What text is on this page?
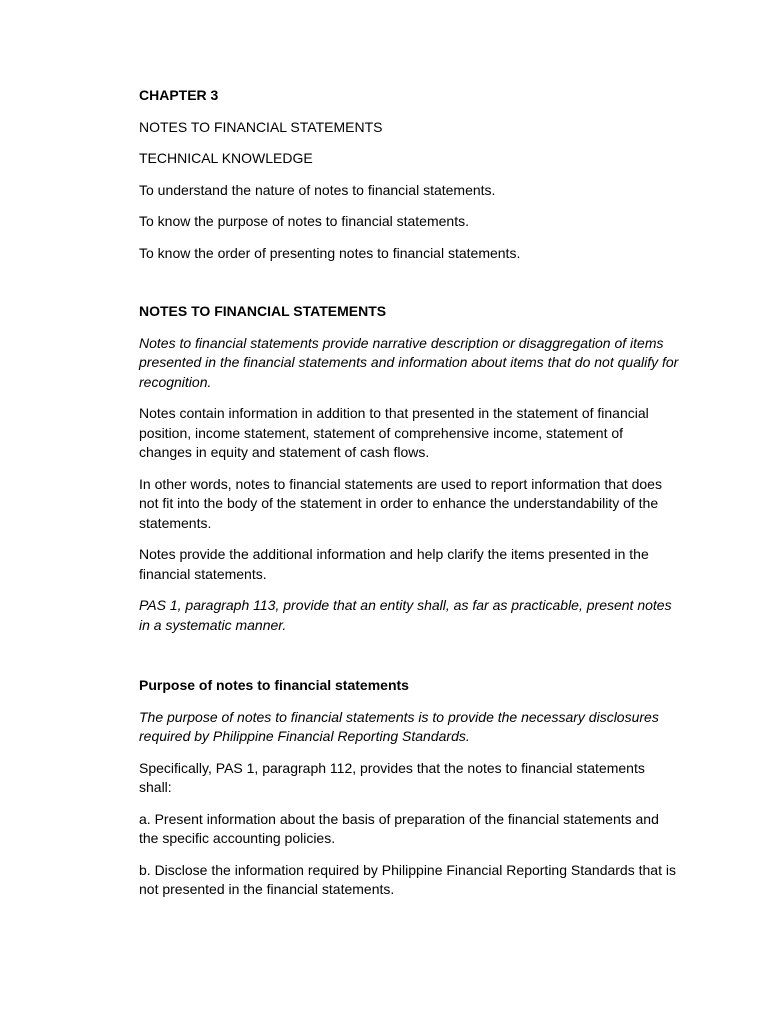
CHAPTER 3

NOTES TO FINANCIAL STATEMENTS

TECHNICAL KNOWLEDGE

To understand the nature of notes to financial statements.

To know the purpose of notes to financial statements.

To know the order of presenting notes to financial statements.

NOTES TO FINANCIAL STATEMENTS

Notes to financial statements provide narrative description or disaggregation of items presented in the financial statements and information about items that do not qualify for recognition.

Notes contain information in addition to that presented in the statement of financial position, income statement, statement of comprehensive income, statement of changes in equity and statement of cash flows.

In other words, notes to financial statements are used to report information that does not fit into the body of the statement in order to enhance the understandability of the statements.

Notes provide the additional information and help clarify the items presented in the financial statements.

PAS 1, paragraph 113, provide that an entity shall, as far as practicable, present notes in a systematic manner.

Purpose of notes to financial statements

The purpose of notes to financial statements is to provide the necessary disclosures required by Philippine Financial Reporting Standards.

Specifically, PAS 1, paragraph 112, provides that the notes to financial statements shall:

a. Present information about the basis of preparation of the financial statements and the specific accounting policies.

b. Disclose the information required by Philippine Financial Reporting Standards that is not presented in the financial statements.
